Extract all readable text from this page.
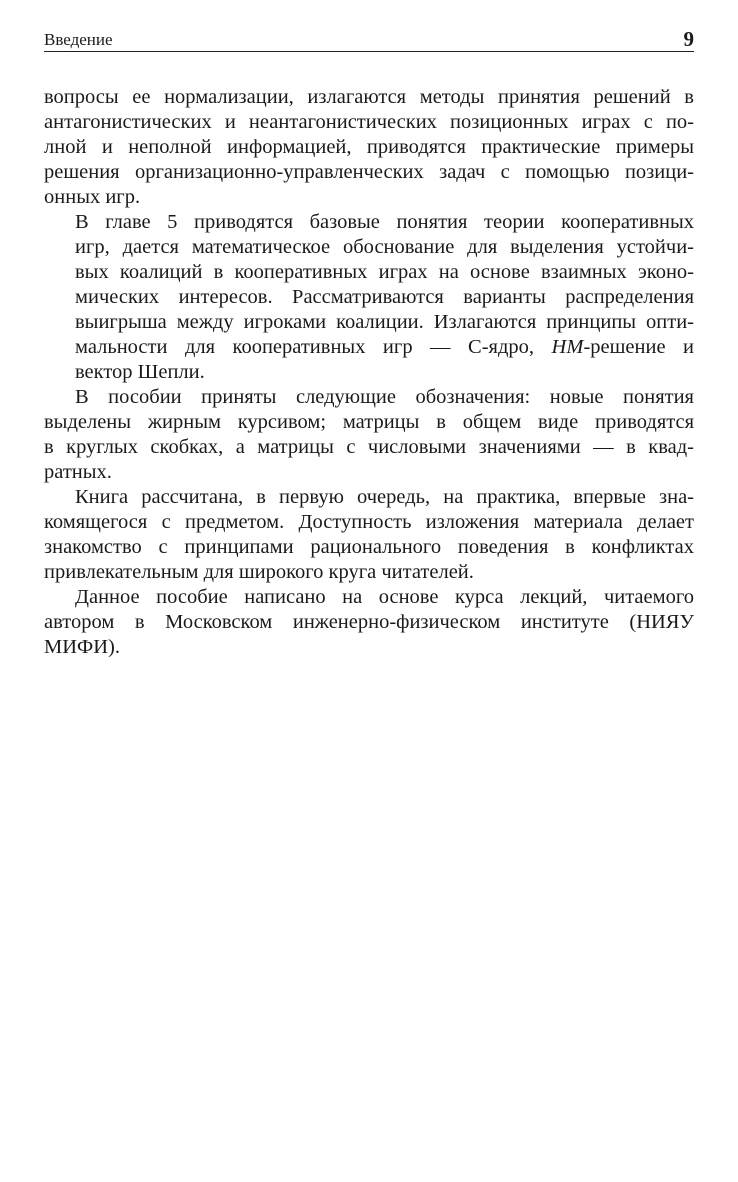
Введение	9

вопросы ее нормализации, излагаются методы принятия решений в
антагонистических и неантагонистических позиционных играх с по-
лной и неполной информацией, приводятся практические примеры
решения организационно-управленческих задач с помощью позици-
онных игр.

В главе 5 приводятся базовые понятия теории кооперативных
игр, дается математическое обоснование для выделения устойчи-
вых коалиций в кооперативных играх на основе взаимных эконо-
мических интересов. Рассматриваются варианты распределения
выигрыша между игроками коалиции. Излагаются принципы опти-
мальности для кооперативных игр — С-ядро, НМ-решение и
вектор Шепли.

В пособии приняты следующие обозначения: новые понятия
выделены жирным курсивом; матрицы в общем виде приводятся
в круглых скобках, а матрицы с числовыми значениями — в квад-
ратных.

Книга рассчитана, в первую очередь, на практика, впервые зна-
комящегося с предметом. Доступность изложения материала делает
знакомство с принципами рационального поведения в конфликтах
привлекательным для широкого круга читателей.

Данное пособие написано на основе курса лекций, читаемого
автором в Московском инженерно-физическом институте (НИЯУ
МИФИ).
